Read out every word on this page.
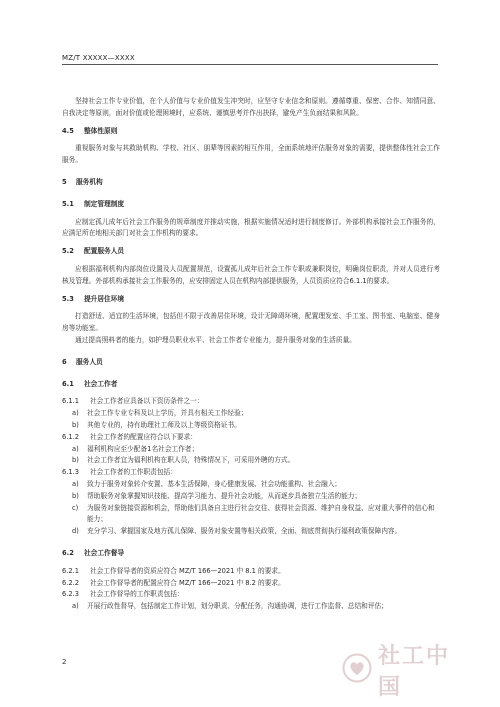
MZ/T XXXXX—XXXX

坚持社会工作专业价值，在个人价值与专业价值发生冲突时，应坚守专业信念和原则。遵循尊重、保密、合作、知情同意、自我决定等原则，面对价值或伦理困境时，应系统、谨慎思考并作出抉择，避免产生负面结果和风险。

4.5	整体性原则

重视服务对象与其救助机构、学校、社区、朋辈等因素的相互作用，全面系统地评估服务对象的需要，提供整体性社会工作服务。

5	服务机构
5.1	制定管理制度

应制定孤儿成年后社会工作服务的规章制度并推动实施，根据实施情况适时进行制度修订。外部机构承接社会工作服务的，应满足所在地相关部门对社会工作机构的要求。

5.2	配置服务人员

应根据福利机构内部岗位设置及人员配置规范，设置孤儿成年后社会工作专职或兼职岗位，明确岗位职责，并对人员进行考核及管理。外部机构承接社会工作服务的，应安排固定人员在机构内部提供服务，人员资质应符合6.1.1的要求。

5.3	提升居住环境

打造舒适、适宜的生活环境，包括但不限于改善居住环境，设计无障碍环境，配置理发室、手工室、图书室、电脑室、健身房等功能室。

通过提高照料者的能力，如护理员职业水平、社会工作者专业能力，提升服务对象的生活质量。

6	服务人员
6.1	社会工作者
6.1.1	社会工作者应具备以下资历条件之一：
a)	社会工作专业专科及以上学历，并具有相关工作经验；
b)	其他专业的，持有助理社工师及以上等级资格证书。
6.1.2	社会工作者的配置应符合以下要求：
a)	福利机构应至少配备1名社会工作者；
b)	社会工作者宜为福利机构在职人员，特殊情况下，可采用外聘的方式。
6.1.3	社会工作者的工作职责包括：
a)	致力于服务对象转介安置、基本生活保障，身心健康发展、社会功能重构、社会融入；
b)	帮助服务对象掌握知识技能、提高学习能力、提升社会功能，从而逐步具备独立生活的能力；
c)	为服务对象链接资源和机会，帮助他们具备自主进行社会交往、获得社会资源、维护自身权益、应对重大事件的信心和能力；
d)	充分学习、掌握国家及地方孤儿保障、服务对象安置等相关政策，全面、彻底贯彻执行福利政策保障内容。
6.2	社会工作督导
6.2.1	社会工作督导者的资质应符合 MZ/T 166—2021 中 8.1 的要求。
6.2.2	社会工作督导者的配置应符合 MZ/T 166—2021 中 8.2 的要求。
6.2.3	社会工作督导的工作职责包括：
a)	开展行政性督导，包括制定工作计划，划分职责、分配任务，沟通协调，进行工作监督、总结和评估；
2	社工中国
